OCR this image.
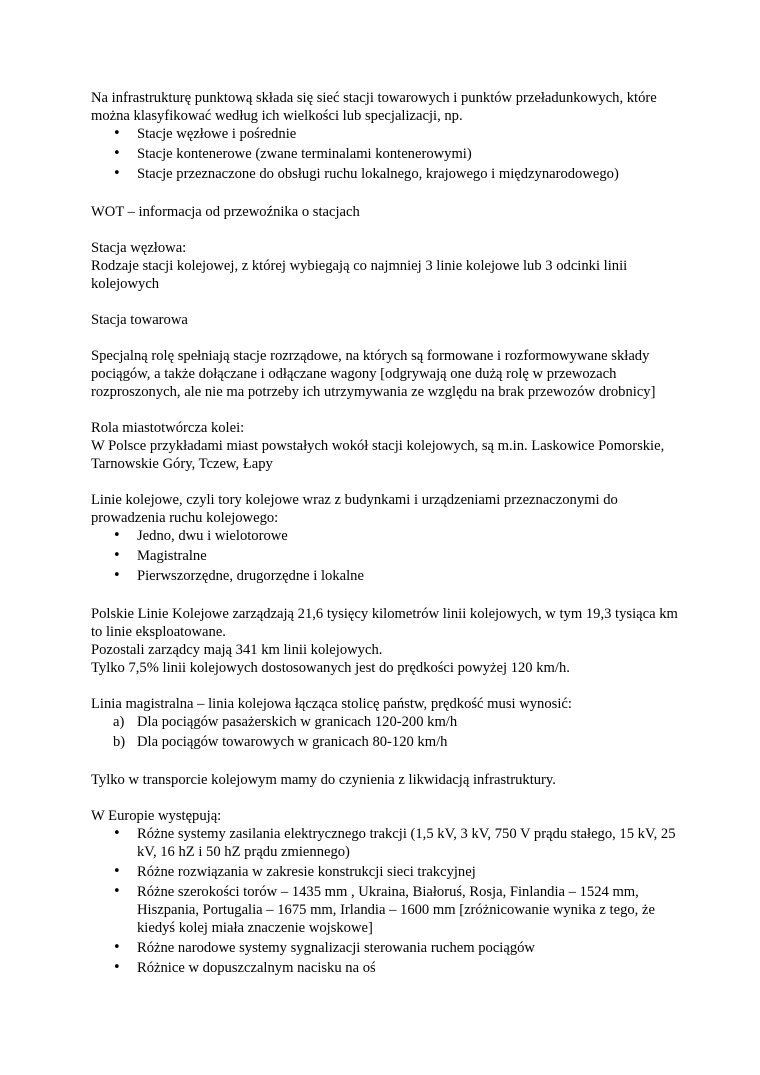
Na infrastrukturę punktową składa się sieć stacji towarowych i punktów przeładunkowych, które można klasyfikować według ich wielkości lub specjalizacji, np.

• Stacje węzłowe i pośrednie
• Stacje kontenerowe (zwane terminalami kontenerowymi)
• Stacje przeznaczone do obsługi ruchu lokalnego, krajowego i międzynarodowego)

WOT – informacja od przewoźnika o stacjach

Stacja węzłowa:

Rodzaje stacji kolejowej, z której wybiegają co najmniej 3 linie kolejowe lub 3 odcinki linii kolejowych

Stacja towarowa

Specjalną rolę spełniają stacje rozrządowe, na których są formowane i rozformowywane składy pociągów, a także dołączane i odłączane wagony [odgrywają one dużą rolę w przewozach rozproszonych, ale nie ma potrzeby ich utrzymywania ze względu na brak przewozów drobnicy]

Rola miastotwórcza kolei:

W Polsce przykładami miast powstałych wokół stacji kolejowych, są m.in. Laskowice Pomorskie, Tarnowskie Góry, Tczew, Łapy

Linie kolejowe, czyli tory kolejowe wraz z budynkami i urządzeniami przeznaczonymi do prowadzenia ruchu kolejowego:

• Jedno, dwu i wielotorowe
• Magistralne
• Pierwszorzędne, drugorzędne i lokalne

Polskie Linie Kolejowe zarządzają 21,6 tysięcy kilometrów linii kolejowych, w tym 19,3 tysiąca km to linie eksploatowane.

Pozostali zarządcy mają 341 km linii kolejowych.

Tylko 7,5% linii kolejowych dostosowanych jest do prędkości powyżej 120 km/h.

Linia magistralna – linia kolejowa łącząca stolicę państw, prędkość musi wynosić:

a) Dla pociągów pasażerskich w granicach 120-200 km/h
b) Dla pociągów towarowych w granicach 80-120 km/h

Tylko w transporcie kolejowym mamy do czynienia z likwidacją infrastruktury.

W Europie występują:

• Różne systemy zasilania elektrycznego trakcji (1,5 kV, 3 kV, 750 V prądu stałego, 15 kV, 25 kV, 16 hZ i 50 hZ prądu zmiennego)
• Różne rozwiązania w zakresie konstrukcji sieci trakcyjnej
• Różne szerokości torów – 1435 mm , Ukraina, Białoruś, Rosja, Finlandia – 1524 mm, Hiszpania, Portugalia – 1675 mm, Irlandia – 1600 mm [zróżnicowanie wynika z tego, że kiedyś kolej miała znaczenie wojskowe]
• Różne narodowe systemy sygnalizacji sterowania ruchem pociągów
• Różnice w dopuszczalnym nacisku na oś
